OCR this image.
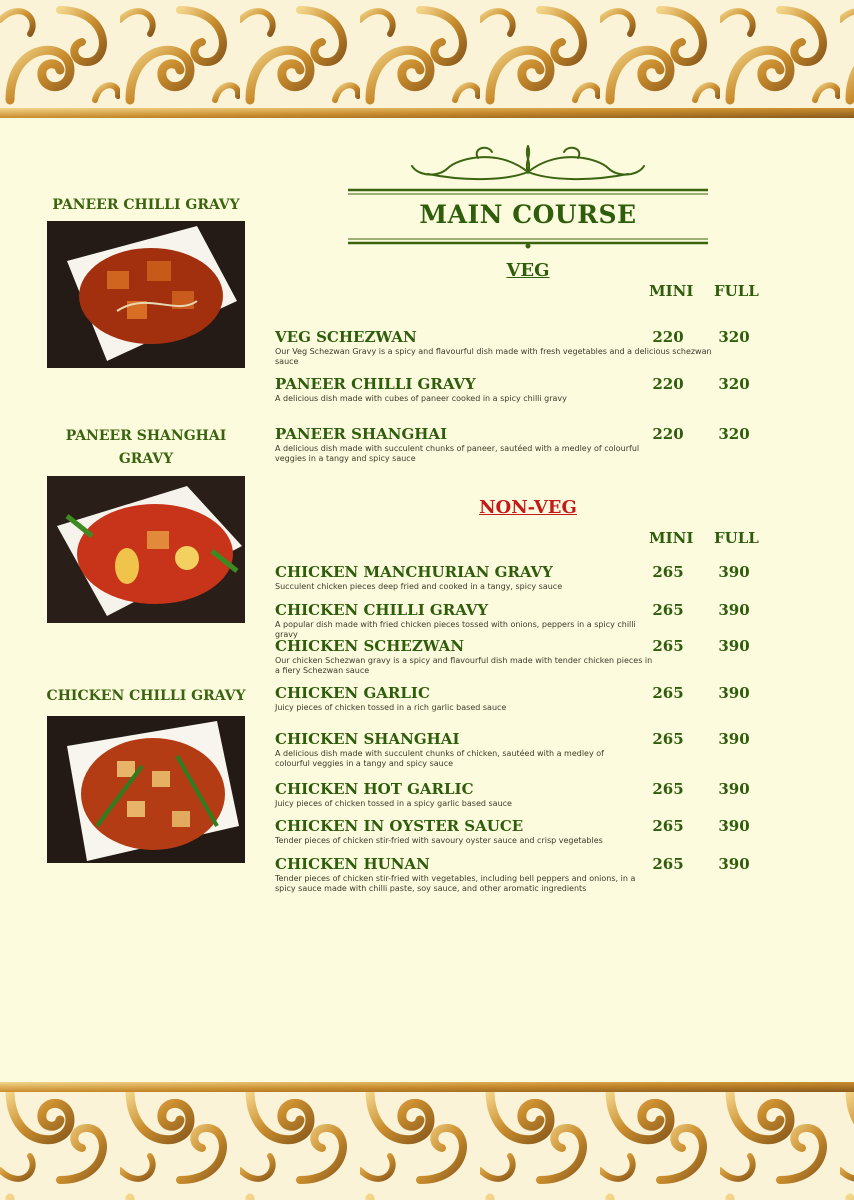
PANEER CHILLI GRAVY
PANEER SHANGHAI GRAVY
CHICKEN CHILLI GRAVY
MAIN COURSE
VEG
MINI FULL
VEG SCHEZWAN
Our Veg Schezwan Gravy is a spicy and flavourful dish made with fresh vegetables and a delicious schezwan sauce
220	320
PANEER CHILLI GRAVY
A delicious dish made with cubes of paneer cooked in a spicy chilli gravy
220	320
PANEER SHANGHAI
A delicious dish made with succulent chunks of paneer, sautéed with a medley of colourful veggies in a tangy and spicy sauce
220	320
NON-VEG
MINI FULL
CHICKEN MANCHURIAN GRAVY
Succulent chicken pieces deep fried and cooked in a tangy, spicy sauce
265	390
CHICKEN CHILLI GRAVY
A popular dish made with fried chicken pieces tossed with onions, peppers in a spicy chilli gravy
265	390
CHICKEN SCHEZWAN
Our chicken Schezwan gravy is a spicy and flavourful dish made with tender chicken pieces in a fiery Schezwan sauce
265	390
CHICKEN GARLIC
Juicy pieces of chicken tossed in a rich garlic based sauce
265	390
CHICKEN SHANGHAI
A delicious dish made with succulent chunks of chicken, sautéed with a medley of colourful veggies in a tangy and spicy sauce
265	390
CHICKEN HOT GARLIC
Juicy pieces of chicken tossed in a spicy garlic based sauce
265	390
CHICKEN IN OYSTER SAUCE
Tender pieces of chicken stir-fried with savoury oyster sauce and crisp vegetables
265	390
CHICKEN HUNAN
Tender pieces of chicken stir-fried with vegetables, including bell peppers and onions, in a spicy sauce made with chilli paste, soy sauce, and other aromatic ingredients
265	390
